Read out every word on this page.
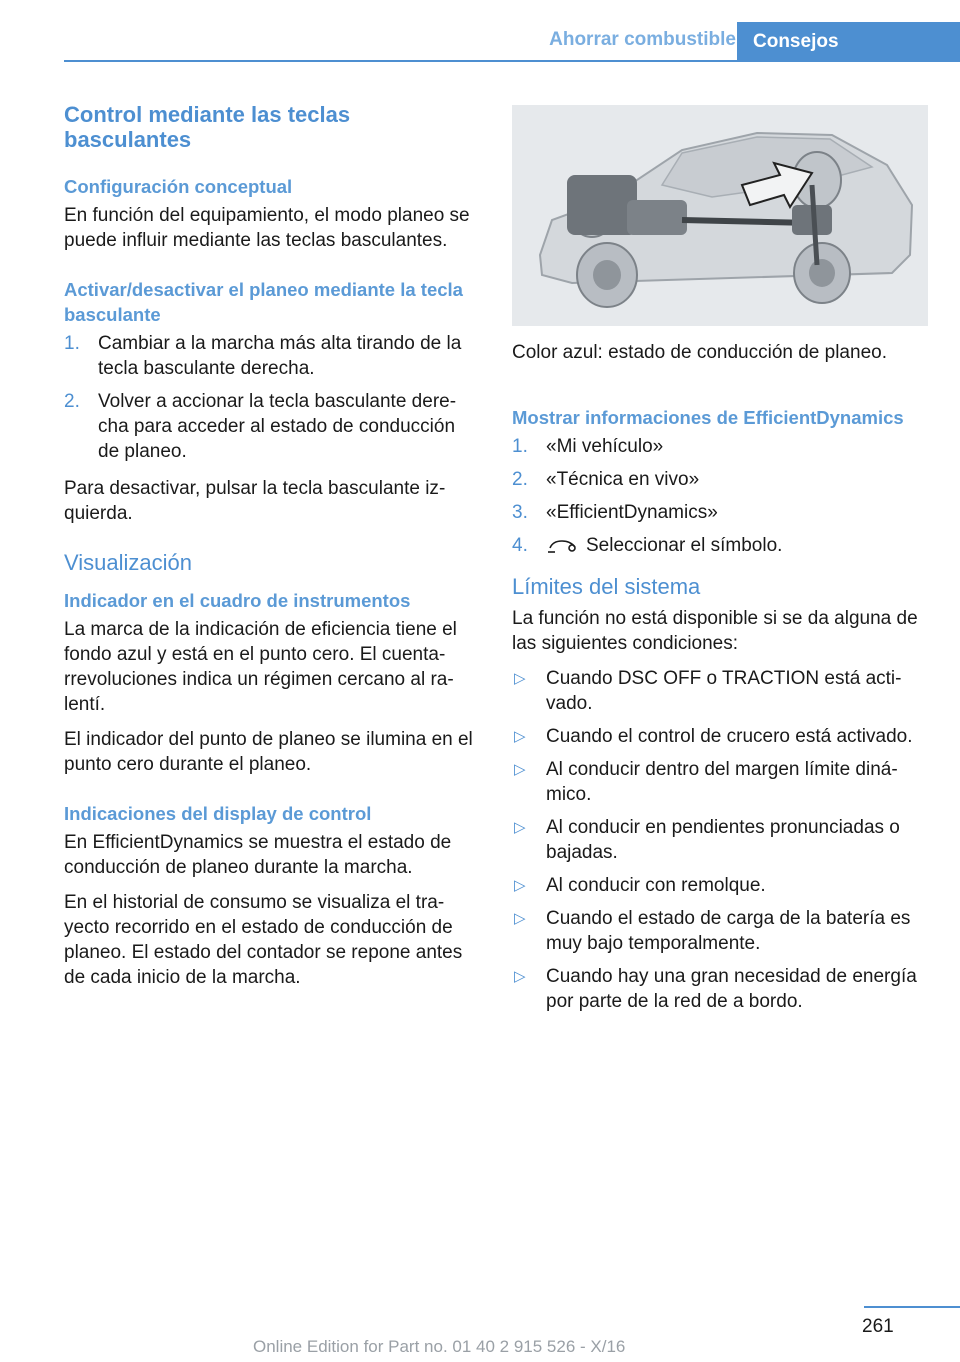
Ahorrar combustible Consejos
Control mediante las teclas basculantes
Configuración conceptual

En función del equipamiento, el modo planeo se puede influir mediante las teclas basculantes.

Activar/desactivar el planeo mediante la tecla basculante
1. Cambiar a la marcha más alta tirando de la tecla basculante derecha.
2. Volver a accionar la tecla basculante derecha para acceder al estado de conducción de planeo.

Para desactivar, pulsar la tecla basculante izquierda.

Visualización
Indicador en el cuadro de instrumentos

La marca de la indicación de eficiencia tiene el fondo azul y está en el punto cero. El cuentarrevoluciones indica un régimen cercano al ralentí.

El indicador del punto de planeo se ilumina en el punto cero durante el planeo.

Indicaciones del display de control

En EfficientDynamics se muestra el estado de conducción de planeo durante la marcha.

En el historial de consumo se visualiza el trayecto recorrido en el estado de conducción de planeo. El estado del contador se repone antes de cada inicio de la marcha.

Color azul: estado de conducción de planeo.

Mostrar informaciones de EfficientDynamics
1. «Mi vehículo»
2. «Técnica en vivo»
3. «EfficientDynamics»
4.	Seleccionar el símbolo.
Límites del sistema

La función no está disponible si se da alguna de las siguientes condiciones:

▷ Cuando DSC OFF o TRACTION está activado.
▷ Cuando el control de crucero está activado.
▷ Al conducir dentro del margen límite dinámico.
▷ Al conducir en pendientes pronunciadas o bajadas.
▷ Al conducir con remolque.
▷ Cuando el estado de carga de la batería es muy bajo temporalmente.
▷ Cuando hay una gran necesidad de energía por parte de la red de a bordo.
261
Online Edition for Part no. 01 40 2 915 526 - X/16
